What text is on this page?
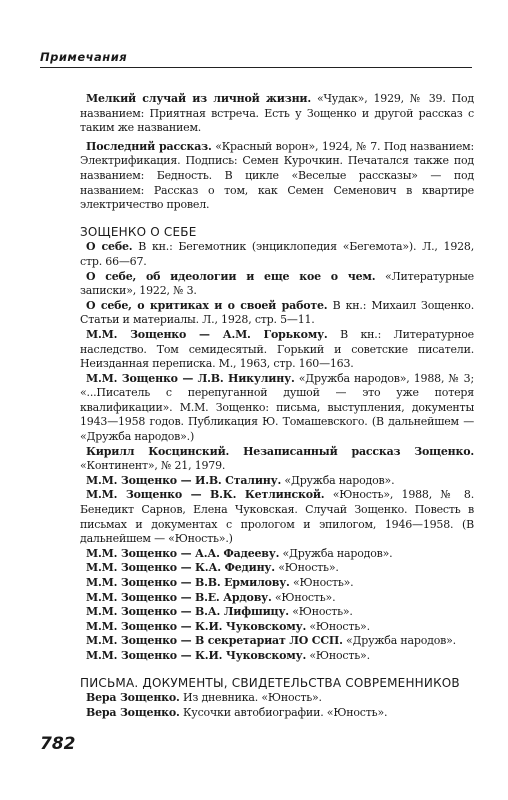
Примечания
Мелкий случай из личной жизни. «Чудак», 1929, № 39. Под названием: Приятная встреча. Есть у Зощенко и другой рассказ с таким же названием.
Последний рассказ. «Красный ворон», 1924, № 7. Под названием: Электрификация. Подпись: Семен Курочкин. Печатался также под названием: Бедность. В цикле «Веселые рассказы» — под названием: Рассказ о том, как Семен Семенович в квартире электричество провел.
ЗОЩЕНКО О СЕБЕ
О себе. В кн.: Бегемотник (энциклопедия «Бегемота»). Л., 1928, стр. 66—67.
О себе, об идеологии и еще кое о чем. «Литературные записки», 1922, № 3.
О себе, о критиках и о своей работе. В кн.: Михаил Зощенко. Статьи и материалы. Л., 1928, стр. 5—11.
М.М. Зощенко — А.М. Горькому. В кн.: Литературное наследство. Том семидесятый. Горький и советские писатели. Неизданная переписка. М., 1963, стр. 160—163.
М.М. Зощенко — Л.В. Никулину. «Дружба народов», 1988, № 3; «...Писатель с перепуганной душой — это уже потеря квалификации». М.М. Зощенко: письма, выступления, документы 1943—1958 годов. Публикация Ю. Томашевского. (В дальнейшем — «Дружба народов».)
Кирилл Косцинский. Незаписанный рассказ Зощенко. «Континент», № 21, 1979.
М.М. Зощенко — И.В. Сталину. «Дружба народов».
М.М. Зощенко — В.К. Кетлинской. «Юность», 1988, № 8. Бенедикт Сарнов, Елена Чуковская. Случай Зощенко. Повесть в письмах и документах с прологом и эпилогом, 1946—1958. (В дальнейшем — «Юность».)
М.М. Зощенко — А.А. Фадееву. «Дружба народов».
М.М. Зощенко — К.А. Федину. «Юность».
М.М. Зощенко — В.В. Ермилову. «Юность».
М.М. Зощенко — В.Е. Ардову. «Юность».
М.М. Зощенко — В.А. Лифшицу. «Юность».
М.М. Зощенко — К.И. Чуковскому. «Юность».
М.М. Зощенко — В секретариат ЛО ССП. «Дружба народов».
М.М. Зощенко — К.И. Чуковскому. «Юность».
ПИСЬМА. ДОКУМЕНТЫ, СВИДЕТЕЛЬСТВА СОВРЕМЕННИКОВ
Вера Зощенко. Из дневника. «Юность».
Вера Зощенко. Кусочки автобиографии. «Юность».
782
